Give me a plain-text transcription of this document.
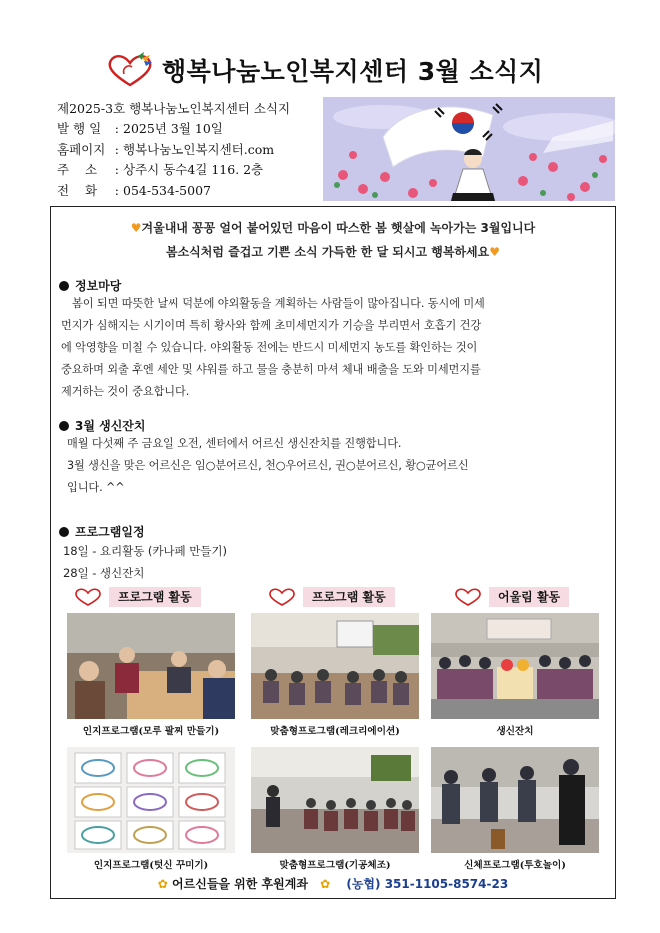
행복나눔노인복지센터 3월 소식지
제2025-3호 행복나눔노인복지센터 소식지
발 행 일 : 2025년 3월 10일
홈페이지 : 행복나눔노인복지센터.com
주    소 : 상주시 동수4길 116. 2층
전    화 : 054-534-5007
♥겨울내내 꽁꽁 얼어 붙어있던 마음이 따스한 봄 햇살에 녹아가는 3월입니다
봄소식처럼 즐겁고 기쁜 소식 가득한 한 달 되시고 행복하세요♥
정보마당
봄이 되면 따뜻한 날씨 덕분에 야외활동을 계획하는 사람들이 많아집니다. 동시에 미세
먼지가 심해지는 시기이며 특히 황사와 함께 초미세먼지가 기승을 부리면서 호흡기 건강
에 악영향을 미칠 수 있습니다. 야외활동 전에는 반드시 미세먼지 농도를 확인하는 것이
중요하며 외출 후엔 세안 및 샤워를 하고 물을 충분히 마셔 체내 배출을 도와 미세먼지를
제거하는 것이 중요합니다.
3월 생신잔치
매월 다섯째 주 금요일 오전, 센터에서 어르신 생신잔치를 진행합니다.
3월 생신을 맞은 어르신은 임○분어르신, 천○우어르신, 권○분어르신, 황○균어르신
입니다. ^^
프로그램일정
18일 - 요리활동 (카나페 만들기)
28일 - 생신잔치
프로그램 활동	프로그램 활동	어울림 활동
인지프로그램(모루 팔찌 만들기)	맞춤형프로그램(레크리에이션)	생신잔치
인지프로그램(텃신 꾸미기)	맞춤형프로그램(기공체조)	신체프로그램(투호놀이)
✿ 어르신들을 위한 후원계좌 ✿ (농협) 351-1105-8574-23
